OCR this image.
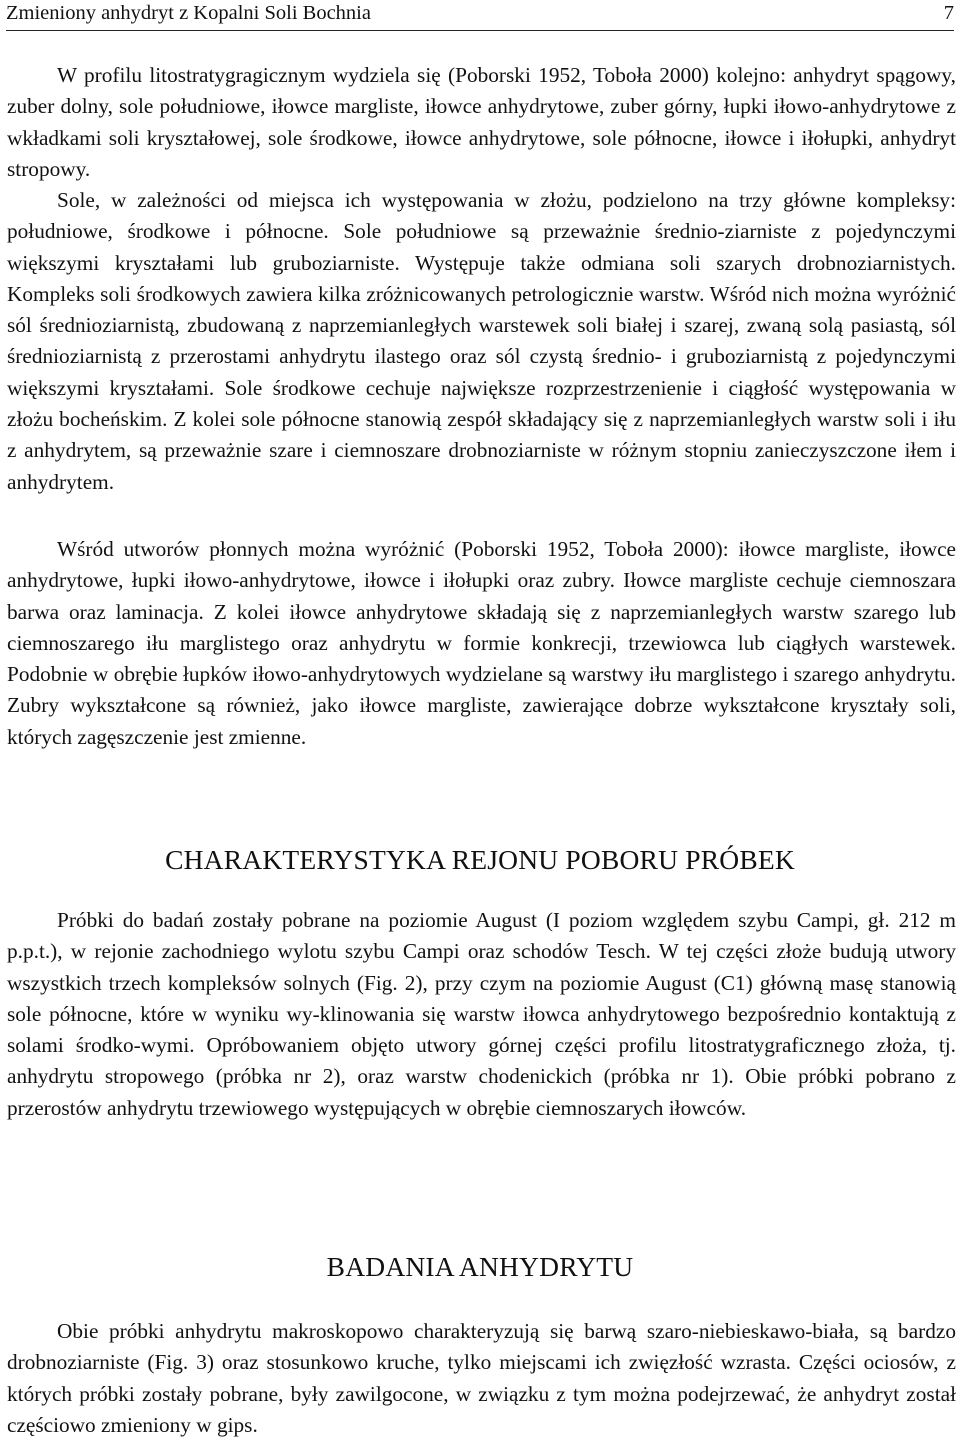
Zmieniony anhydryt z Kopalni Soli Bochnia	7

W profilu litostratygragicznym wydziela się (Poborski 1952, Toboła 2000) kolejno: anhydryt spągowy, zuber dolny, sole południowe, iłowce margliste, iłowce anhydrytowe, zuber górny, łupki iłowo-anhydrytowe z wkładkami soli kryształowej, sole środkowe, iłowce anhydrytowe, sole północne, iłowce i iłołupki, anhydryt stropowy.

Sole, w zależności od miejsca ich występowania w złożu, podzielono na trzy główne kompleksy: południowe, środkowe i północne. Sole południowe są przeważnie średnio-ziarniste z pojedynczymi większymi kryształami lub gruboziarniste. Występuje także odmiana soli szarych drobnoziarnistych. Kompleks soli środkowych zawiera kilka zróżnicowanych petrologicznie warstw. Wśród nich można wyróżnić sól średnioziarnistą, zbudowaną z naprzemianległych warstewek soli białej i szarej, zwaną solą pasiastą, sól średnioziarnistą z przerostami anhydrytu ilastego oraz sól czystą średnio- i gruboziarnistą z pojedynczymi większymi kryształami. Sole środkowe cechuje największe rozprzestrzenienie i ciągłość występowania w złożu bocheńskim. Z kolei sole północne stanowią zespół składający się z naprzemianległych warstw soli i iłu z anhydrytem, są przeważnie szare i ciemnoszare drobnoziarniste w różnym stopniu zanieczyszczone iłem i anhydrytem.

Wśród utworów płonnych można wyróżnić (Poborski 1952, Toboła 2000): iłowce margliste, iłowce anhydrytowe, łupki iłowo-anhydrytowe, iłowce i iłołupki oraz zubry. Iłowce margliste cechuje ciemnoszara barwa oraz laminacja. Z kolei iłowce anhydrytowe składają się z naprzemianległych warstw szarego lub ciemnoszarego iłu marglistego oraz anhydrytu w formie konkrecji, trzewiowca lub ciągłych warstewek. Podobnie w obrębie łupków iłowo-anhydrytowych wydzielane są warstwy iłu marglistego i szarego anhydrytu. Zubry wykształcone są również, jako iłowce margliste, zawierające dobrze wykształcone kryształy soli, których zagęszczenie jest zmienne.

CHARAKTERYSTYKA REJONU POBORU PRÓBEK

Próbki do badań zostały pobrane na poziomie August (I poziom względem szybu Campi, gł. 212 m p.p.t.), w rejonie zachodniego wylotu szybu Campi oraz schodów Tesch. W tej części złoże budują utwory wszystkich trzech kompleksów solnych (Fig. 2), przy czym na poziomie August (C1) główną masę stanowią sole północne, które w wyniku wy-klinowania się warstw iłowca anhydrytowego bezpośrednio kontaktują z solami środko-wymi. Opróbowaniem objęto utwory górnej części profilu litostratygraficznego złoża, tj. anhydrytu stropowego (próbka nr 2), oraz warstw chodenickich (próbka nr 1). Obie próbki pobrano z przerostów anhydrytu trzewiowego występujących w obrębie ciemnoszarych iłowców.

BADANIA ANHYDRYTU

Obie próbki anhydrytu makroskopowo charakteryzują się barwą szaro-niebieskawo-biała, są bardzo drobnoziarniste (Fig. 3) oraz stosunkowo kruche, tylko miejscami ich zwięzłość wzrasta. Części ociosów, z których próbki zostały pobrane, były zawilgocone, w związku z tym można podejrzewać, że anhydryt został częściowo zmieniony w gips.
